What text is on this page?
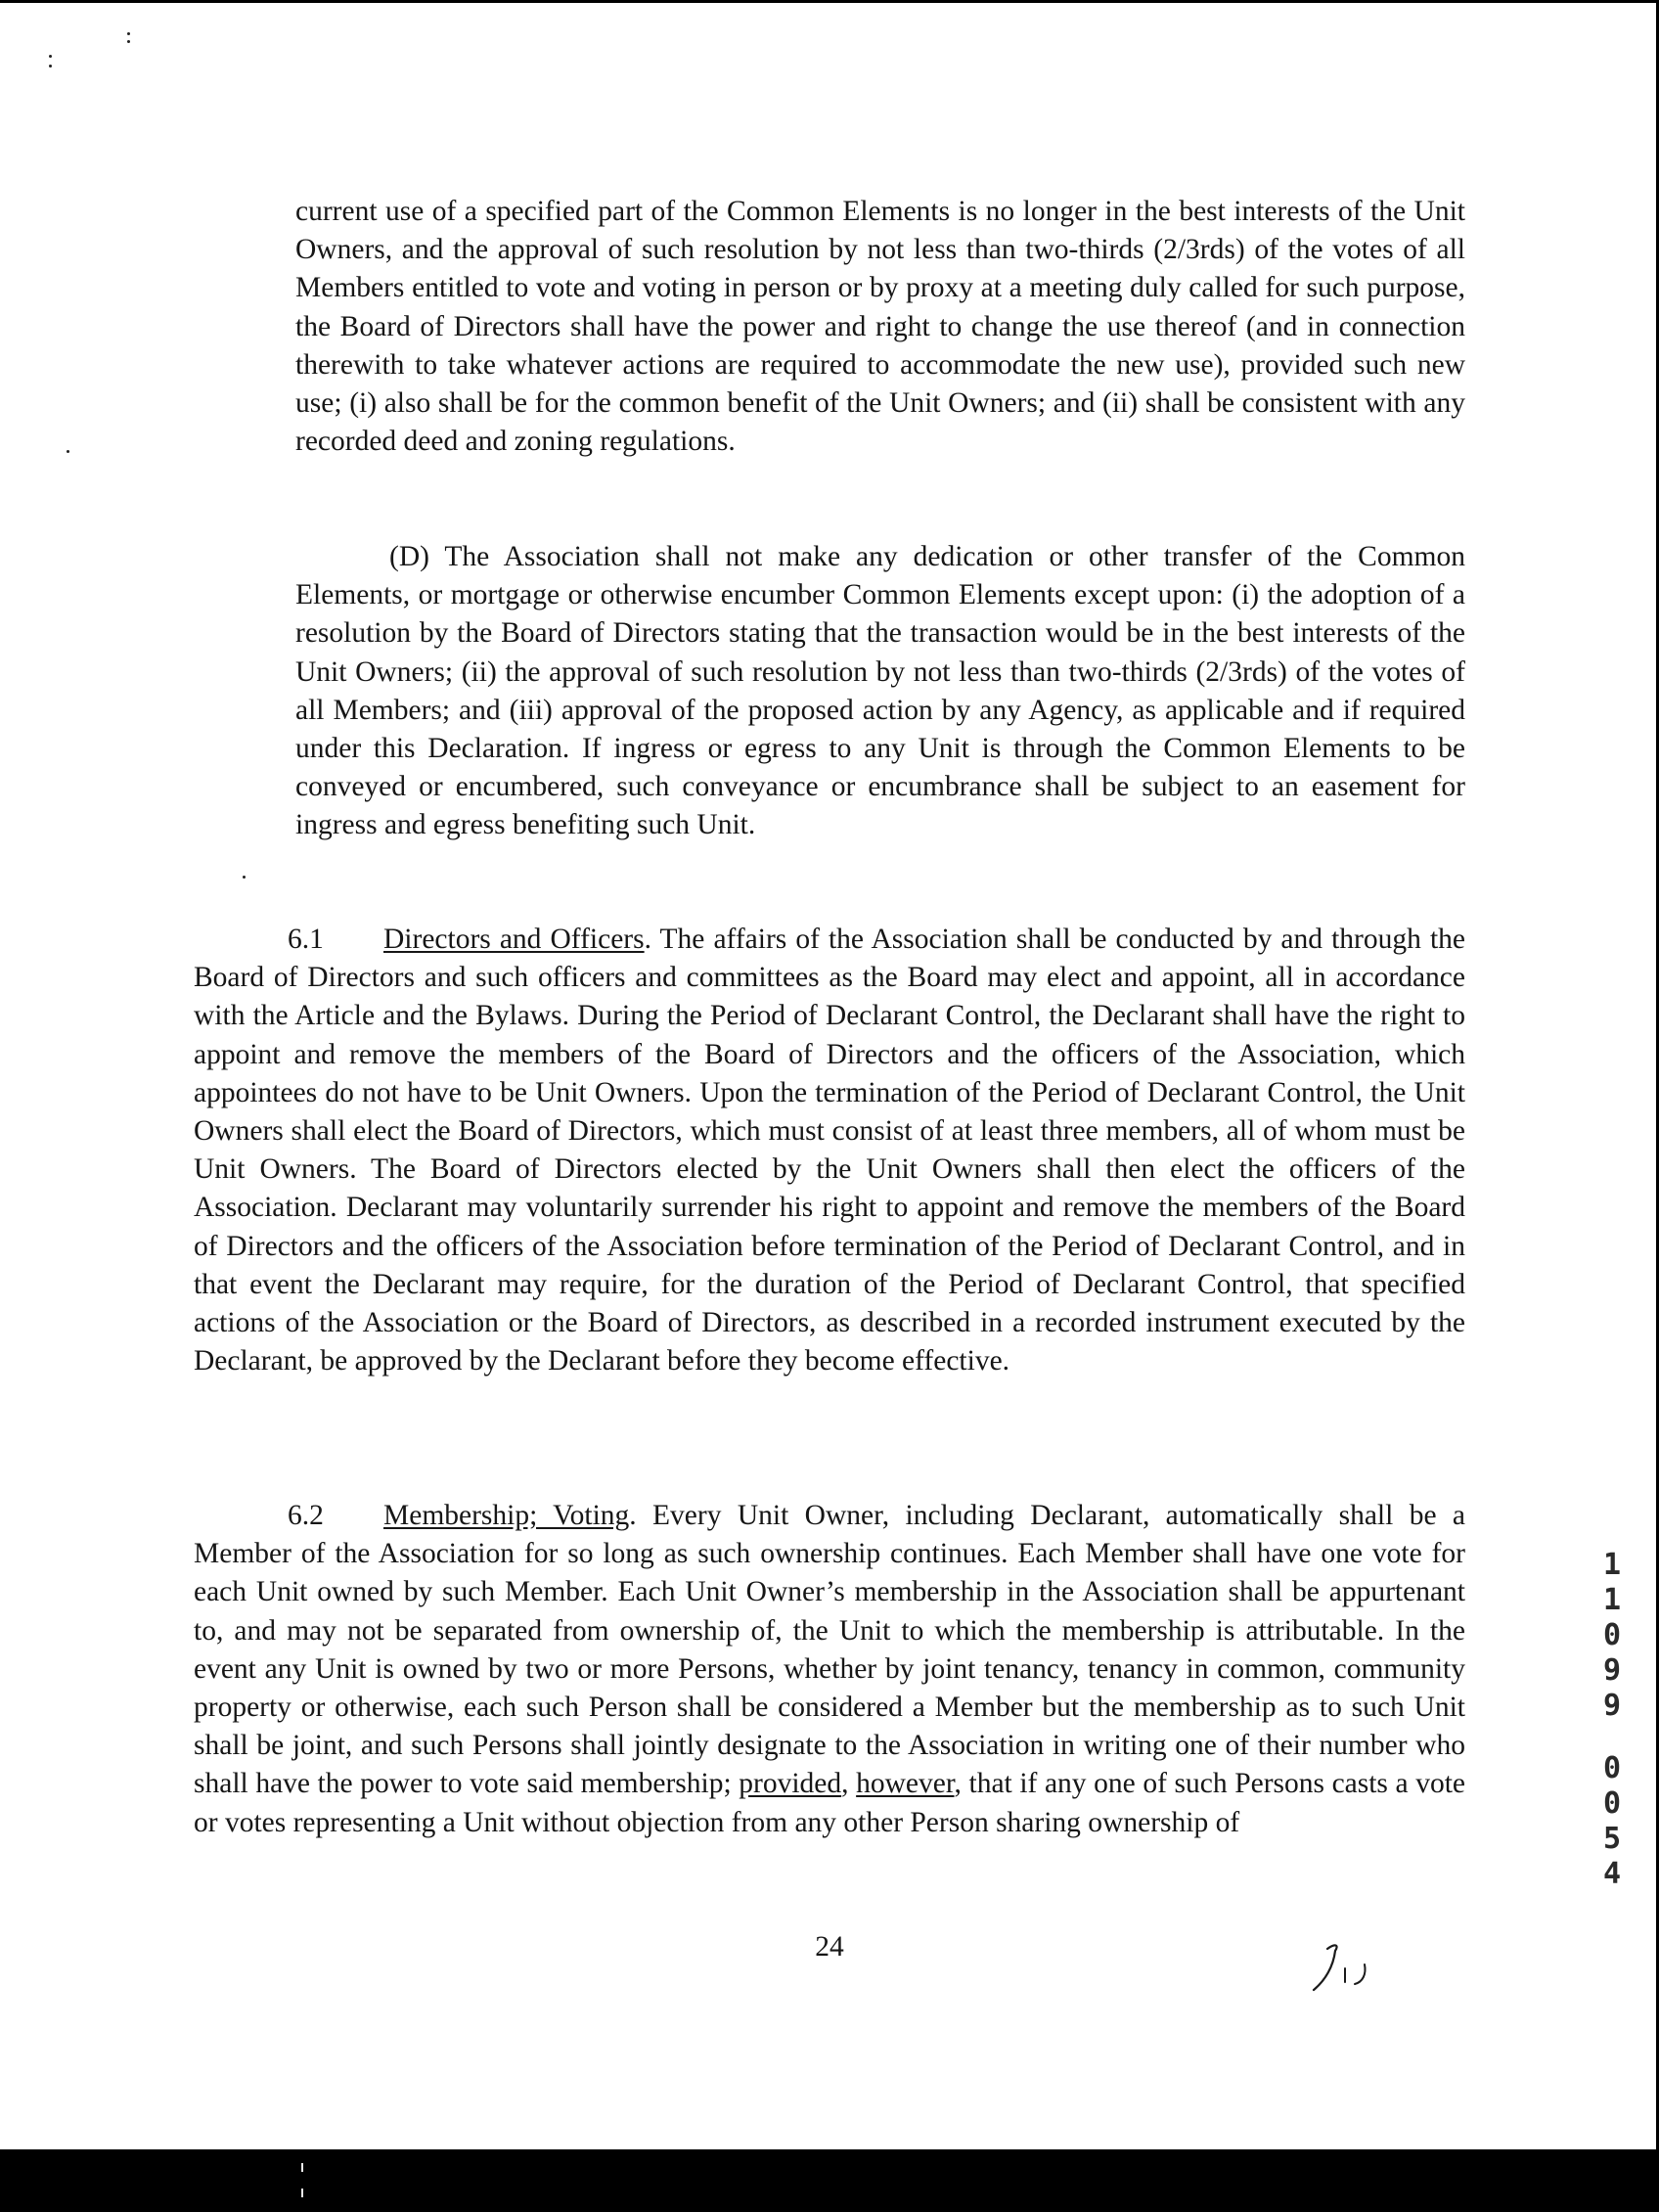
current use of a specified part of the Common Elements is no longer in the best interests of the Unit Owners, and the approval of such resolution by not less than two-thirds (2/3rds) of the votes of all Members entitled to vote and voting in person or by proxy at a meeting duly called for such purpose, the Board of Directors shall have the power and right to change the use thereof (and in connection therewith to take whatever actions are required to accommodate the new use), provided such new use; (i) also shall be for the common benefit of the Unit Owners; and (ii) shall be consistent with any recorded deed and zoning regulations.

(D) The Association shall not make any dedication or other transfer of the Common Elements, or mortgage or otherwise encumber Common Elements except upon: (i) the adoption of a resolution by the Board of Directors stating that the transaction would be in the best interests of the Unit Owners; (ii) the approval of such resolution by not less than two-thirds (2/3rds) of the votes of all Members; and (iii) approval of the proposed action by any Agency, as applicable and if required under this Declaration. If ingress or egress to any Unit is through the Common Elements to be conveyed or encumbered, such conveyance or encumbrance shall be subject to an easement for ingress and egress benefiting such Unit.

6.1 Directors and Officers. The affairs of the Association shall be conducted by and through the Board of Directors and such officers and committees as the Board may elect and appoint, all in accordance with the Article and the Bylaws. During the Period of Declarant Control, the Declarant shall have the right to appoint and remove the members of the Board of Directors and the officers of the Association, which appointees do not have to be Unit Owners. Upon the termination of the Period of Declarant Control, the Unit Owners shall elect the Board of Directors, which must consist of at least three members, all of whom must be Unit Owners. The Board of Directors elected by the Unit Owners shall then elect the officers of the Association. Declarant may voluntarily surrender his right to appoint and remove the members of the Board of Directors and the officers of the Association before termination of the Period of Declarant Control, and in that event the Declarant may require, for the duration of the Period of Declarant Control, that specified actions of the Association or the Board of Directors, as described in a recorded instrument executed by the Declarant, be approved by the Declarant before they become effective.

6.2 Membership; Voting. Every Unit Owner, including Declarant, automatically shall be a Member of the Association for so long as such ownership continues. Each Member shall have one vote for each Unit owned by such Member. Each Unit Owner’s membership in the Association shall be appurtenant to, and may not be separated from ownership of, the Unit to which the membership is attributable. In the event any Unit is owned by two or more Persons, whether by joint tenancy, tenancy in common, community property or otherwise, each such Person shall be considered a Member but the membership as to such Unit shall be joint, and such Persons shall jointly designate to the Association in writing one of their number who shall have the power to vote said membership; provided, however, that if any one of such Persons casts a vote or votes representing a Unit without objection from any other Person sharing ownership of

24
1
1
0
9
9
0
0
5
4
